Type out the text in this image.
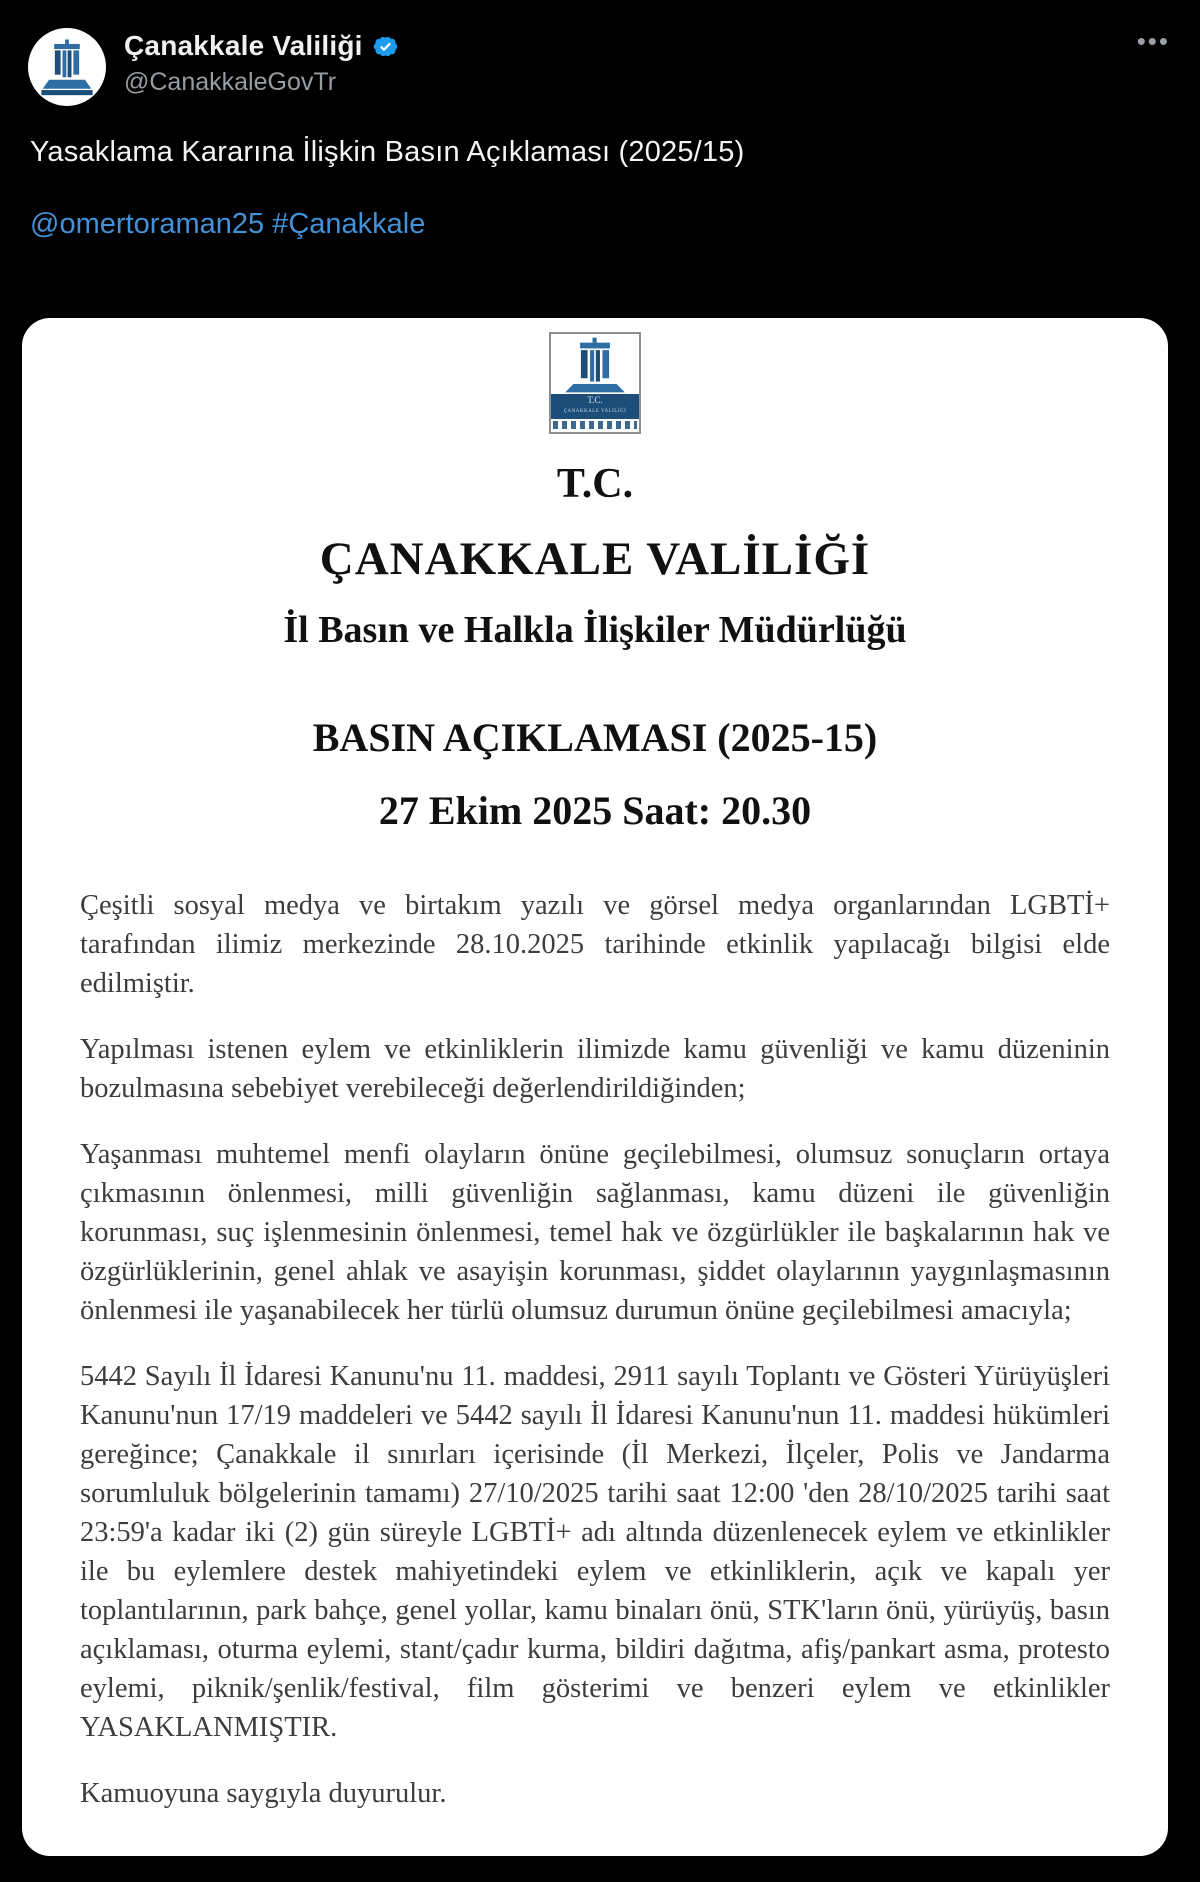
Çanakkale Valiliği
@CanakkaleGovTr
•••
Yasaklama Kararına İlişkin Basın Açıklaması (2025/15)
@omertoraman25 #Çanakkale
T.C.
ÇANAKKALE VALİLİĞİ
T.C.
ÇANAKKALE VALİLİĞİ
İl Basın ve Halkla İlişkiler Müdürlüğü
BASIN AÇIKLAMASI (2025-15)
27 Ekim 2025 Saat: 20.30

Çeşitli sosyal medya ve birtakım yazılı ve görsel medya organlarından LGBTİ+ tarafından ilimiz merkezinde 28.10.2025 tarihinde etkinlik yapılacağı bilgisi elde edilmiştir.

Yapılması istenen eylem ve etkinliklerin ilimizde kamu güvenliği ve kamu düzeninin bozulmasına sebebiyet verebileceği değerlendirildiğinden;

Yaşanması muhtemel menfi olayların önüne geçilebilmesi, olumsuz sonuçların ortaya çıkmasının önlenmesi, milli güvenliğin sağlanması, kamu düzeni ile güvenliğin korunması, suç işlenmesinin önlenmesi, temel hak ve özgürlükler ile başkalarının hak ve özgürlüklerinin, genel ahlak ve asayişin korunması, şiddet olaylarının yaygınlaşmasının önlenmesi ile yaşanabilecek her türlü olumsuz durumun önüne geçilebilmesi amacıyla;

5442 Sayılı İl İdaresi Kanunu'nu 11. maddesi, 2911 sayılı Toplantı ve Gösteri Yürüyüşleri Kanunu'nun 17/19 maddeleri ve 5442 sayılı İl İdaresi Kanunu'nun 11. maddesi hükümleri gereğince; Çanakkale il sınırları içerisinde (İl Merkezi, İlçeler, Polis ve Jandarma sorumluluk bölgelerinin tamamı) 27/10/2025 tarihi saat 12:00 'den 28/10/2025 tarihi saat 23:59'a kadar iki (2) gün süreyle LGBTİ+ adı altında düzenlenecek eylem ve etkinlikler ile bu eylemlere destek mahiyetindeki eylem ve etkinliklerin, açık ve kapalı yer toplantılarının, park bahçe, genel yollar, kamu binaları önü, STK'ların önü, yürüyüş, basın açıklaması, oturma eylemi, stant/çadır kurma, bildiri dağıtma, afiş/pankart asma, protesto eylemi, piknik/şenlik/festival, film gösterimi ve benzeri eylem ve etkinlikler YASAKLANMIŞTIR.

Kamuoyuna saygıyla duyurulur.
